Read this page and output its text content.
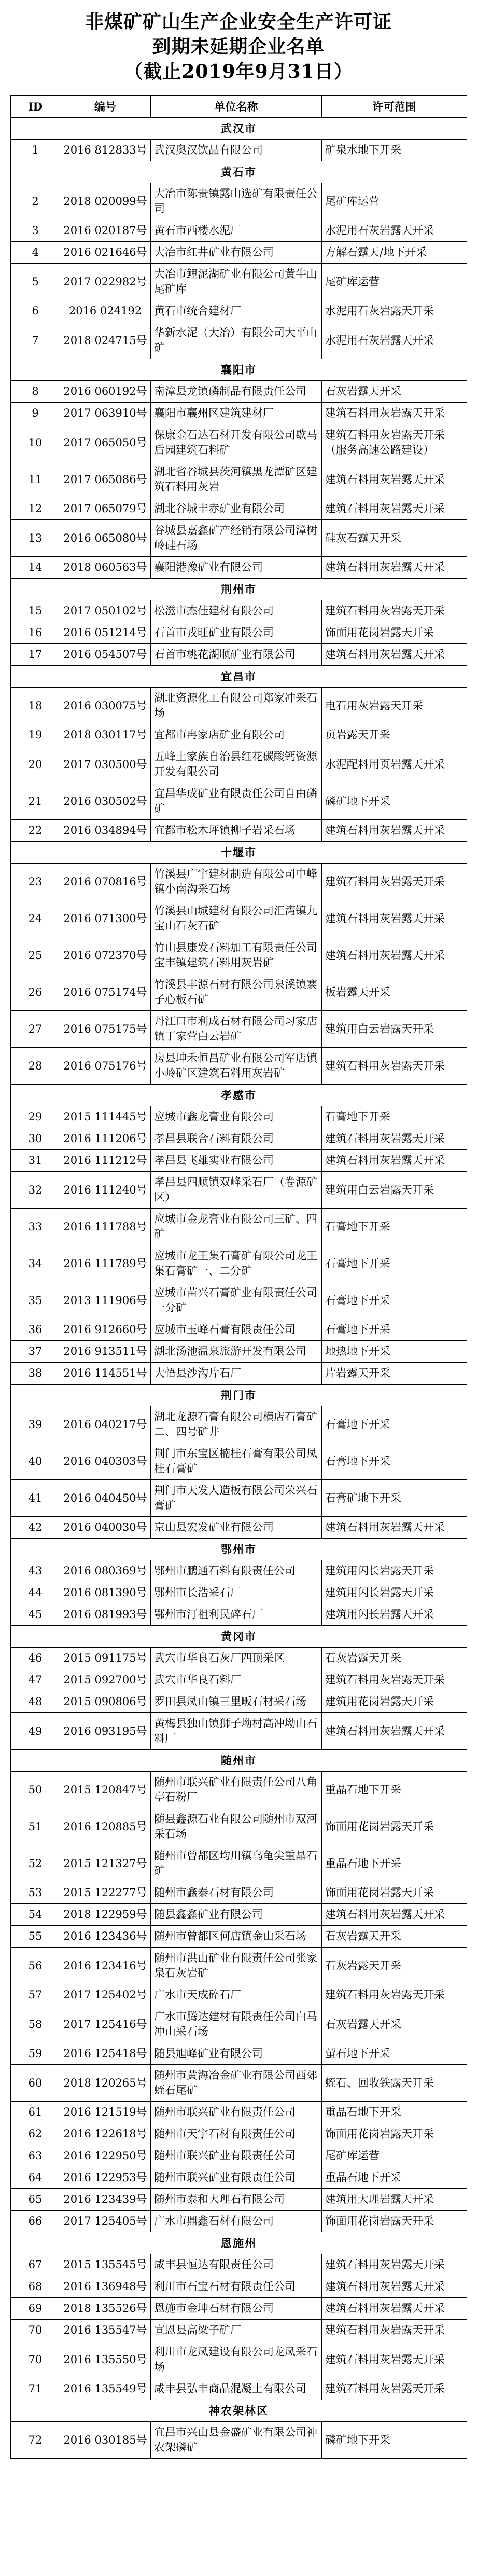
非煤矿矿山生产企业安全生产许可证
到期未延期企业名单
（截止2019年9月31日）
ID	编号	单位名称	许可范围
武汉市			
1	2016 812833号	武汉奥汉饮品有限公司	矿泉水地下开采
黄石市			
2	2018 020099号	大冶市陈贵镇露山选矿有限责任公司	尾矿库运营
3	2016 020187号	黄石市西楼水泥厂	水泥用石灰岩露天开采
4	2016 021646号	大冶市红井矿业有限公司	方解石露天/地下开采
5	2017 022982号	大冶市鲤泥湖矿业有限公司黄牛山尾矿库	尾矿库运营
6	2016 024192	黄石市统合建材厂	水泥用石灰岩露天开采
7	2018 024715号	华新水泥（大冶）有限公司大平山矿	水泥用石灰岩露天开采
襄阳市			
8	2016 060192号	南漳县龙镇磷制品有限责任公司	石灰岩露天开采
9	2017 063910号	襄阳市襄州区建筑建材厂	建筑石料用灰岩露天开采
10	2017 065050号	保康金石达石材开发有限公司歇马后园建筑石料矿	建筑石料用灰岩露天开采（服务高速公路建设）
11	2017 065086号	湖北省谷城县茨河镇黑龙潭矿区建筑石料用灰岩	建筑石料用灰岩露天开采
12	2017 065079号	湖北谷城丰赤矿业有限公司	建筑石料用灰岩露天开采
13	2016 065080号	谷城县嘉鑫矿产经销有限公司漳树岭硅石场	硅灰石露天开采
14	2018 060563号	襄阳港豫矿业有限公司	建筑石料用灰岩露天开采
荆州市			
15	2017 050102号	松滋市杰佳建材有限公司	建筑石料用灰岩露天开采
16	2016 051214号	石首市戎旺矿业有限公司	饰面用花岗岩露天开采
17	2016 054507号	石首市桃花湖顺矿业有限公司	建筑石料用灰岩露天开采
宜昌市			
18	2016 030075号	湖北资源化工有限公司郑家冲采石场	电石用灰岩露天开采
19	2018 030117号	宜都市冉家店矿业有限公司	页岩露天开采
20	2017 030500号	五峰土家族自治县红花碳酸钙资源开发有限公司	水泥配料用页岩露天开采
21	2016 030502号	宜昌华成矿业有限责任公司自由磷矿	磷矿地下开采
22	2016 034894号	宜都市松木坪镇柳子岩采石场	建筑石料用灰岩露天开采
十堰市			
23	2016 070816号	竹溪县广宇建材制造有限公司中峰镇小南沟采石场	建筑石料用灰岩露天开采
24	2016 071300号	竹溪县山城建材有限公司汇湾镇九宝山石灰石矿	建筑石料用灰岩露天开采
25	2016 072370号	竹山县康发石料加工有限责任公司宝丰镇建筑石料用灰岩矿	建筑石料用灰岩露天开采
26	2016 075174号	竹溪县丰源石材有限公司泉溪镇寨子心板石矿	板岩露天开采
27	2016 075175号	丹江口市利成石材有限公司习家店镇丁家营白云岩矿	建筑用白云岩露天开采
28	2016 075176号	房县坤禾恒昌矿业有限公司军店镇小岭矿区建筑石料用灰岩矿	建筑石料用灰岩露天开采
孝感市			
29	2015 111445号	应城市鑫龙膏业有限公司	石膏地下开采
30	2016 111206号	孝昌县联合石料有限公司	建筑石料用灰岩露天开采
31	2016 111212号	孝昌县飞雄实业有限公司	建筑石料用灰岩露天开采
32	2016 111240号	孝昌县四顺镇双峰采石厂（卷源矿区）	建筑用白云岩露天开采
33	2016 111788号	应城市金龙膏业有限公司三矿、四矿	石膏地下开采
34	2016 111789号	应城市龙王集石膏矿有限公司龙王集石膏矿一、二分矿	石膏地下开采
35	2013 111906号	应城市苗兴石膏矿业有限责任公司一分矿	石膏地下开采
36	2016 912660号	应城市玉峰石膏有限责任公司	石膏地下开采
37	2016 913511号	湖北汤池温泉旅游开发有限公司	地热地下开采
38	2016 114551号	大悟县沙沟片石厂	片岩露天开采
荆门市			
39	2016 040217号	湖北龙源石膏有限公司横店石膏矿二、四号矿井	石膏地下开采
40	2016 040303号	荆门市东宝区楠桂石膏有限公司凤桂石膏矿	石膏地下开采
41	2016 040450号	荆门市天发人造板有限公司荣兴石膏矿	石膏矿地下开采
42	2016 040030号	京山县宏发矿业有限公司	建筑石料用灰岩露天开采
鄂州市			
43	2016 080369号	鄂州市鹏通石料有限责任公司	建筑用闪长岩露天开采
44	2016 081390号	鄂州市长浩采石厂	建筑用闪长岩露天开采
45	2016 081993号	鄂州市汀祖利民碎石厂	建筑用闪长岩露天开采
黄冈市			
46	2015 091175号	武穴市华良石灰厂四顶采区	石灰岩露天开采
47	2015 092700号	武穴市华良石料厂	建筑石料用灰岩露天开采
48	2015 090806号	罗田县凤山镇三里畈石材采石场	建筑用花岗岩露天开采
49	2016 093195号	黄梅县独山镇狮子坳村高冲坳山石料厂	建筑石料用灰岩露天开采
随州市			
50	2015 120847号	随州市联兴矿业有限责任公司八角亭石粉厂	重晶石地下开采
51	2016 120885号	随县鑫源石业有限公司随州市双河采石场	饰面用花岗岩露天开采
52	2015 121327号	随州市曾都区均川镇乌龟尖重晶石矿	重晶石地下开采
53	2015 122277号	随州市鑫泰石材有限公司	饰面用花岗岩露天开采
54	2018 122959号	随县鑫鑫矿业有限公司	建筑石料用灰岩露天开采
55	2016 123436号	随州市曾都区何店镇金山采石场	石灰岩露天开采
56	2016 123416号	随州市洪山矿业有限责任公司张家泉石灰岩矿	石灰岩露天开采
57	2017 125402号	广水市天成碎石厂	建筑石料用灰岩露天开采
58	2017 125416号	广水市腾达建材有限责任公司白马冲山采石场	石灰岩露天开采
59	2016 125418号	随县旭峰矿业有限公司	萤石地下开采
60	2018 120265号	随州市黄海冶金矿业有限公司西郊蛭石尾矿	蛭石、回收铁露天开采
61	2016 121519号	随州市联兴矿业有限责任公司	重晶石地下开采
62	2016 122618号	随州市天宇石材有限责任公司	饰面用花岗岩露天开采
63	2016 122950号	随州市联兴矿业有限责任公司	尾矿库运营
64	2016 122953号	随州市联兴矿业有限责任公司	重晶石地下开采
65	2016 123439号	随州市泰和大理石有限公司	建筑用大理岩露天开采
66	2017 125405号	广水市鼎鑫石材有限公司	饰面用花岗岩露天开采
恩施州			
67	2015 135545号	咸丰县恒达有限责任公司	建筑石料用灰岩露天开采
68	2016 136948号	利川市石宝石材有限责任公司	建筑石料用灰岩露天开采
69	2018 135526号	恩施市金坤石材有限公司	建筑石料用灰岩露天开采
70	2016 135547号	宣恩县高梁子矿厂	建筑石料用灰岩露天开采
70	2016 135550号	利川市龙凤建设有限公司龙凤采石场	建筑石料用灰岩露天开采
71	2016 135549号	咸丰县弘丰商品混凝土有限公司	建筑石料用灰岩露天开采
神农架林区			
72	2016 030185号	宜昌市兴山县金盛矿业有限公司神农架磷矿	磷矿地下开采
